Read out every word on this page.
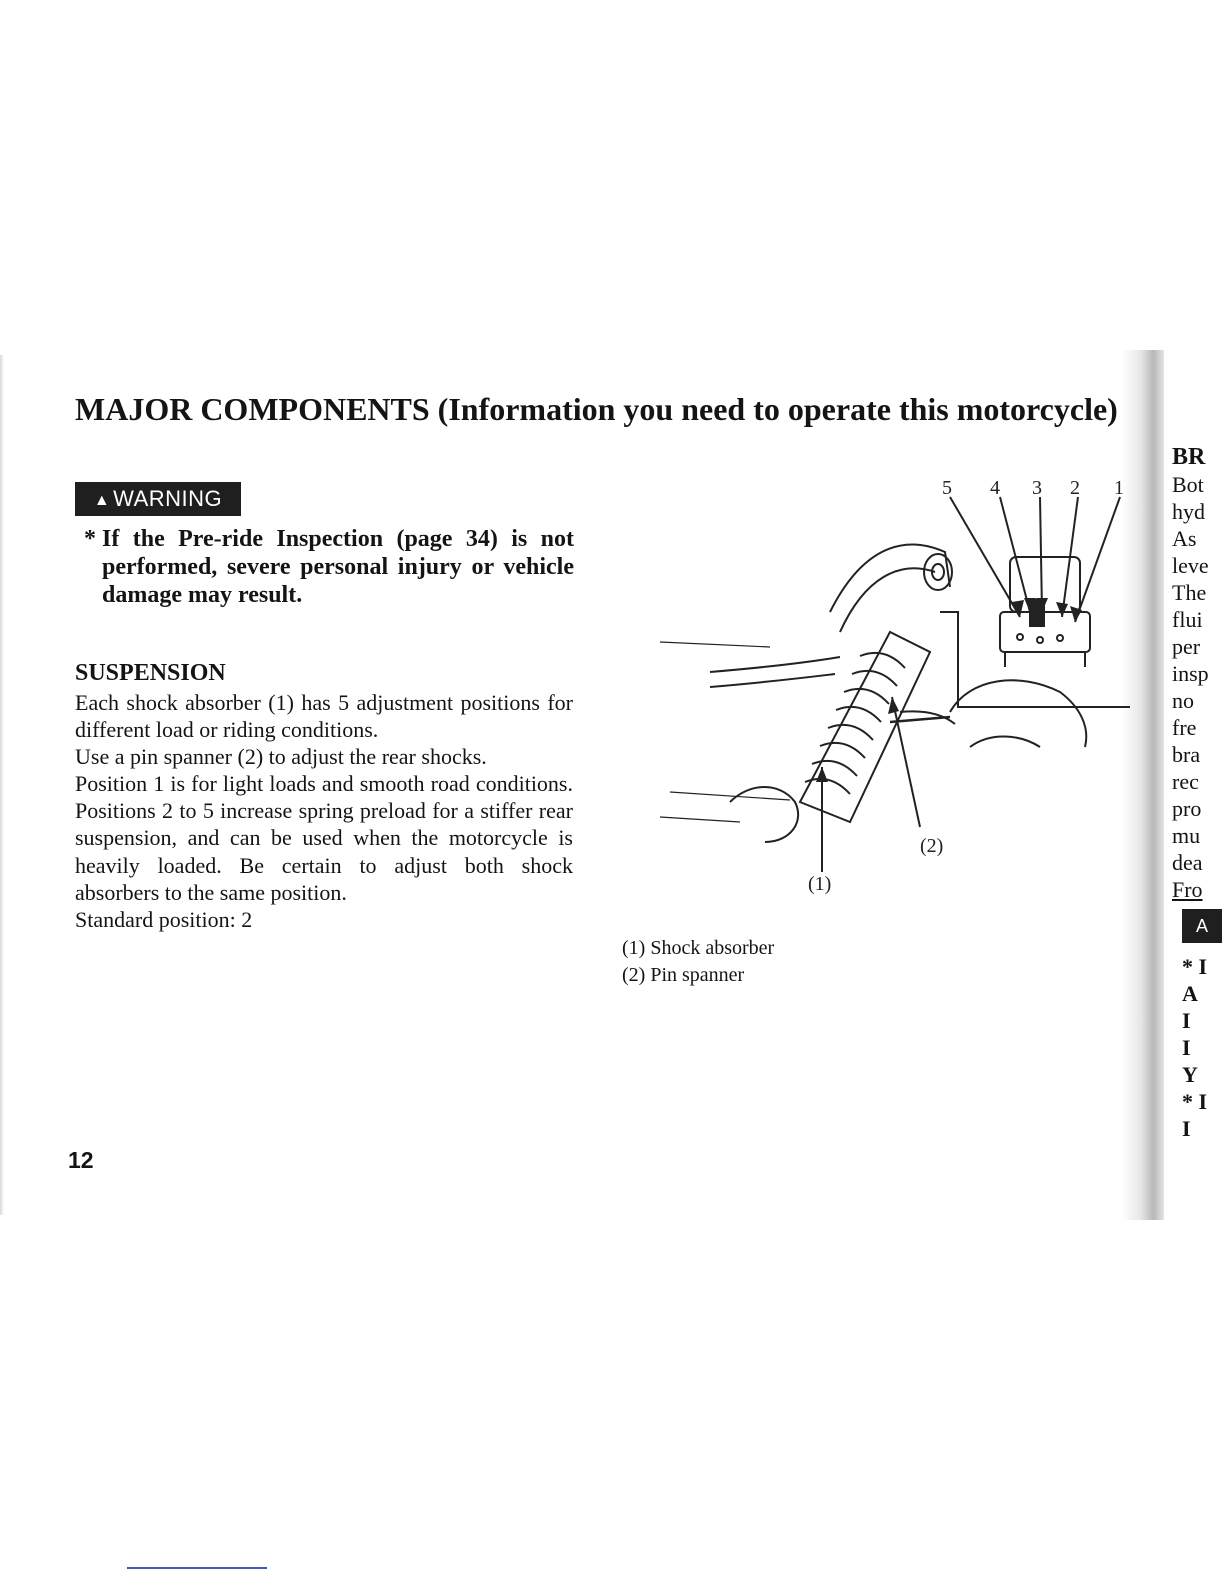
MAJOR COMPONENTS (Information you need to operate this motorcycle)
▲ WARNING
* If the Pre-ride Inspection (page 34) is not performed, severe personal injury or vehicle damage may result.
SUSPENSION

Each shock absorber (1) has 5 adjustment positions for different load or riding conditions.

Use a pin spanner (2) to adjust the rear shocks.

Position 1 is for light loads and smooth road conditions. Positions 2 to 5 increase spring preload for a stiffer rear suspension, and can be used when the motorcycle is heavily loaded. Be certain to adjust both shock absorbers to the same position.

Standard position: 2

5 4 3 2 1
(1)
(2)
(1) Shock absorber
(2) Pin spanner
12
BR
Bot
hyd
As
leve
The
flui
per
insp
no
fre
bra
rec
pro
mu
dea
Fro
A
* I
A
I
I
Y
* I
I
